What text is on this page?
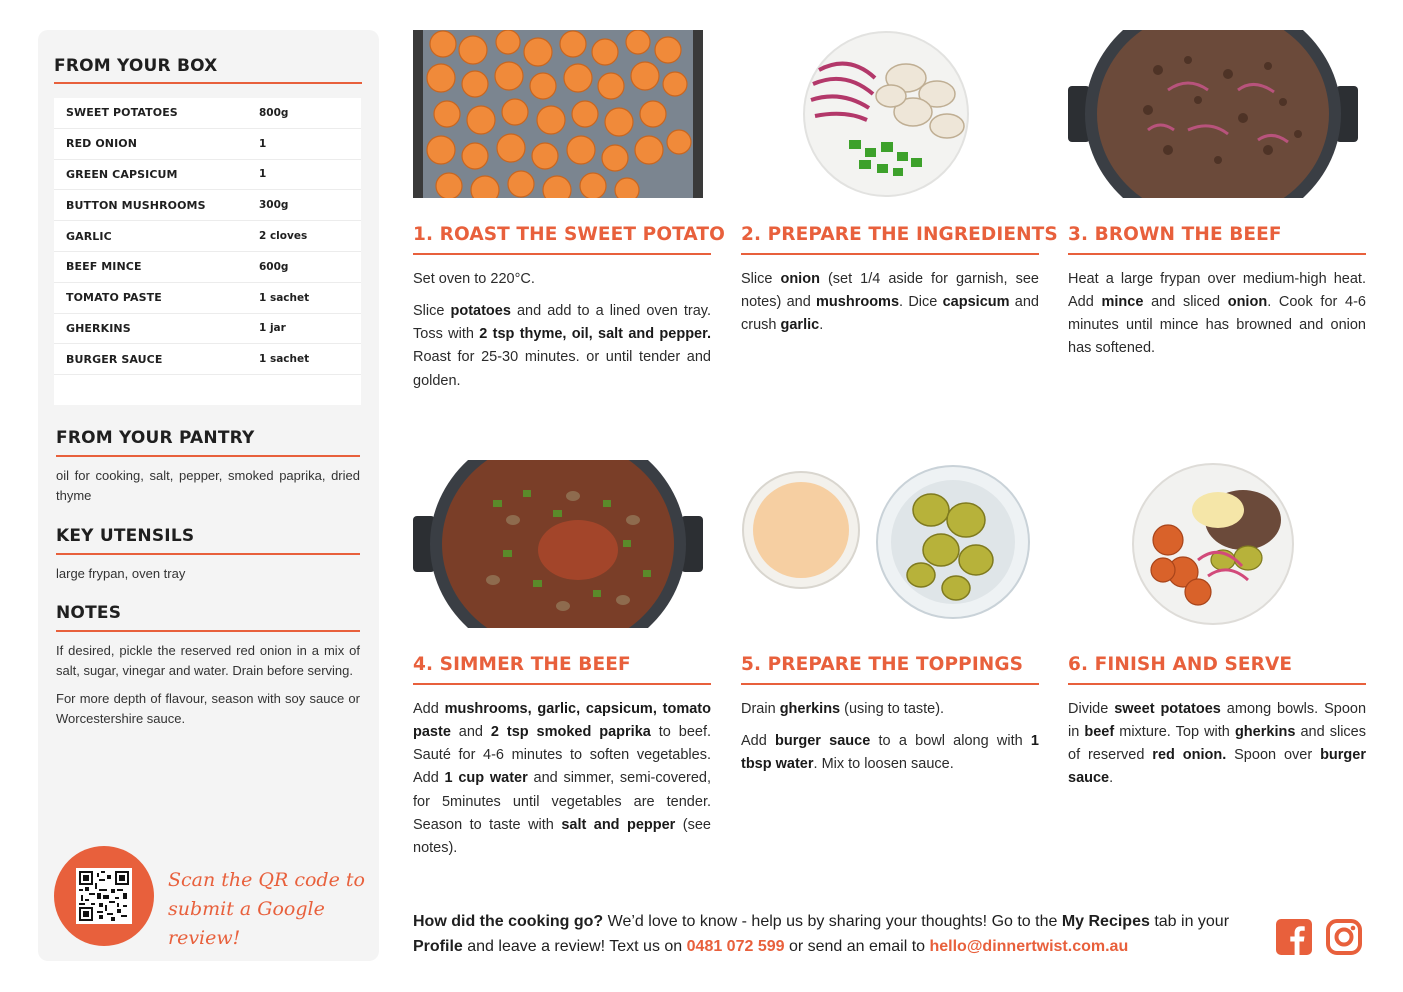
FROM YOUR BOX
SWEET POTATOES	800g
RED ONION	1
GREEN CAPSICUM	1
BUTTON MUSHROOMS	300g
GARLIC	2 cloves
BEEF MINCE	600g
TOMATO PASTE	1 sachet
GHERKINS	1 jar
BURGER SAUCE	1 sachet
FROM YOUR PANTRY

oil for cooking, salt, pepper, smoked paprika, dried thyme

KEY UTENSILS

large frypan, oven tray

NOTES

If desired, pickle the reserved red onion in a mix of salt, sugar, vinegar and water. Drain before serving.

For more depth of flavour, season with soy sauce or Worcestershire sauce.

Scan the QR code to
submit a Google review!
1. ROAST THE SWEET POTATO

Set oven to 220°C.

Slice potatoes and add to a lined oven tray. Toss with 2 tsp thyme, oil, salt and pepper. Roast for 25-30 minutes. or until tender and golden.

2. PREPARE THE INGREDIENTS

Slice onion (set 1/4 aside for garnish, see notes) and mushrooms. Dice capsicum and crush garlic.

3. BROWN THE BEEF

Heat a large frypan over medium-high heat. Add mince and sliced onion. Cook for 4-6 minutes until mince has browned and onion has softened.

4. SIMMER THE BEEF

Add mushrooms, garlic, capsicum, tomato paste and 2 tsp smoked paprika to beef. Sauté for 4-6 minutes to soften vegetables. Add 1 cup water and simmer, semi-covered, for 5minutes until vegetables are tender. Season to taste with salt and pepper (see notes).

5. PREPARE THE TOPPINGS

Drain gherkins (using to taste).

Add burger sauce to a bowl along with 1 tbsp water. Mix to loosen sauce.

6. FINISH AND SERVE

Divide sweet potatoes among bowls. Spoon in beef mixture. Top with gherkins and slices of reserved red onion. Spoon over burger sauce.

How did the cooking go? We’d love to know - help us by sharing your thoughts! Go to the My Recipes tab in your Profile and leave a review! Text us on 0481 072 599 or send an email to hello@dinnertwist.com.au
